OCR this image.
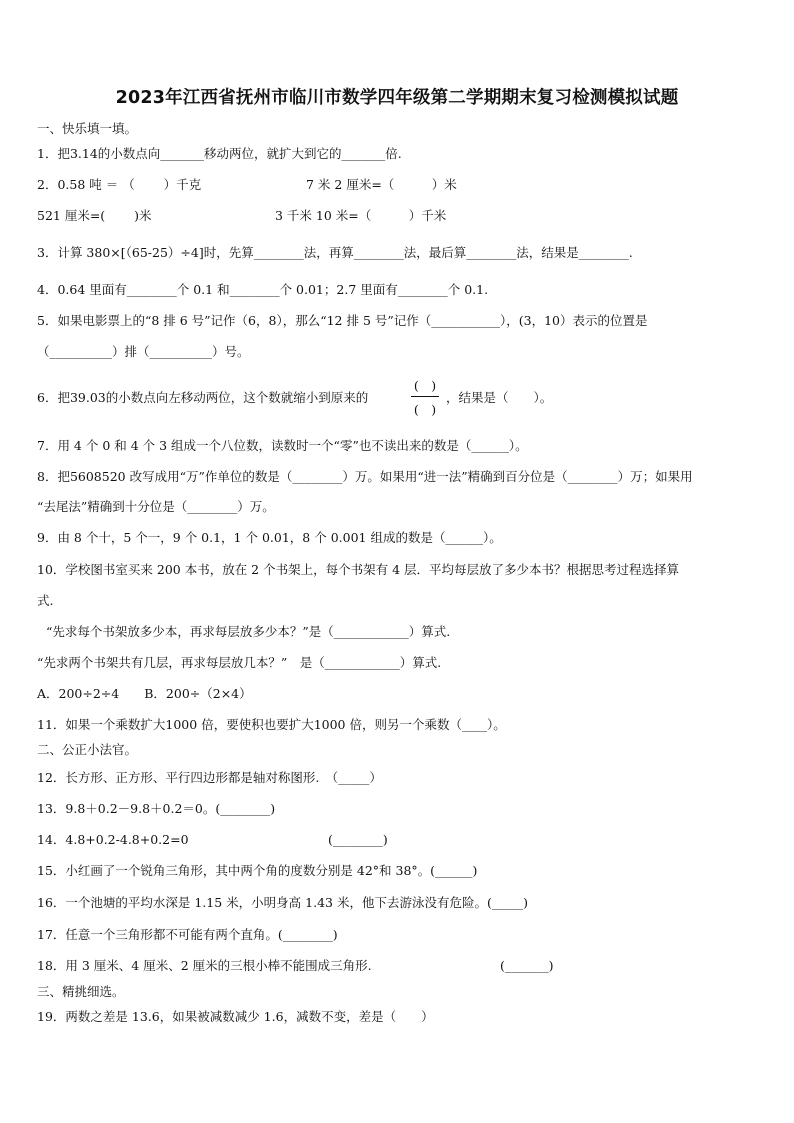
2023年江西省抚州市临川市数学四年级第二学期期末复习检测模拟试题
一、快乐填一填。
1．把3.14的小数点向_______移动两位，就扩大到它的_______倍.
2．0.58 吨 ＝ （　　 ）千克	7 米 2 厘米=（　　　）米
521 厘米=(　　 )米	3 千米 10 米=（　　　）千米
3．计算 380×[（65-25）÷4]时，先算________法，再算________法，最后算________法，结果是________.
4．0.64 里面有________个 0.1 和________个 0.01；2.7 里面有________个 0.1.
5．如果电影票上的“8 排 6 号”记作（6，8），那么“12 排 5 号”记作（___________），(3，10）表示的位置是
（__________）排（__________）号。
6．把39.03的小数点向左移动两位，这个数就缩小到原来的
(　)
(　)
，结果是（　　）。
7．用 4 个 0 和 4 个 3 组成一个八位数，读数时一个“零”也不读出来的数是（______）。
8．把5608520 改写成用“万”作单位的数是（________）万。如果用“进一法”精确到百分位是（________）万；如果用
“去尾法”精确到十分位是（________）万。
9．由 8 个十，5 个一，9 个 0.1，1 个 0.01，8 个 0.001 组成的数是（______）。
10．学校图书室买来 200 本书，放在 2 个书架上，每个书架有 4 层．平均每层放了多少本书？根据思考过程选择算
式.
“先求每个书架放多少本，再求每层放多少本？”是（____________）算式.
“先求两个书架共有几层，再求每层放几本？”　是（____________）算式.
A．200÷2÷4　　B．200÷（2×4）
11．如果一个乘数扩大1000 倍，要使积也要扩大1000 倍，则另一个乘数（____）。
二、公正小法官。
12．长方形、正方形、平行四边形都是轴对称图形.　（_____）
13．9.8＋0.2－9.8＋0.2＝0。(________)
14．4.8+0.2-4.8+0.2=0	(________)
15．小红画了一个锐角三角形，其中两个角的度数分别是 42°和 38°。(______)
16．一个池塘的平均水深是 1.15 米，小明身高 1.43 米，他下去游泳没有危险。(_____)
17．任意一个三角形都不可能有两个直角。(________)
18．用 3 厘米、4 厘米、2 厘米的三根小棒不能围成三角形.	(_______)
三、精挑细选。
19．两数之差是 13.6，如果被减数减少 1.6，减数不变，差是（　　）
